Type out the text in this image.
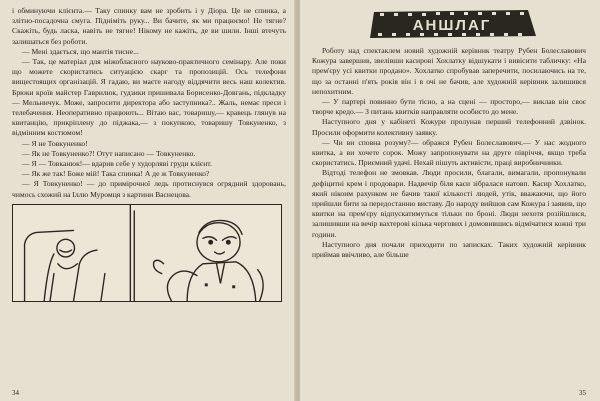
і обминуючи клієнта.— Таку спинку вам не зробить і у Діора. Це не спинка, а злітно-посадочна смуга. Підніміть руку... Ви бачите, як ми працюємо! Не тягне? Скажіть, будь ласка, навіть не тягне! Нікому не кажіть, де ви шили. Інші втечуть залишаться без роботи.

— Мені здається, що мантія тисне...

— Так, це матеріал для міжобласного науково-практичного семінару. Але поки що можете скористатись ситуацією скарг та пропозицій. Ось телефони вищестоящих організацій. Я гадаю, ви маєте нагоду віддячити весь наш колектив. Брюки кроїв майстер Гаврилюк, гудзики пришивала Борисенко-Довгань, підкладку — Мельничук. Може, запросити директора або заступника?.. Жаль, немає преси і телебачення. Неоперативно працюють... Вітаю вас, товаришу,— кравець глянув на квитанцію, прикріплену до піджака,— з покупкою, товаришу Товкуненко, з відмінним костюмом!

— Я не Товкуненко!

— Як не Товкуненко?! Отут написано — Товкуненко.

— Я — Товканюк!— вдарив себе у худорляві груди клієнт.

— Як же так! Боже мій! Така спинка! А де ж Товкуненко?

— Я Товкуненко! — до примірочної ледь протиснувся огрядний здоровань, чимось схожий на Іллю Муромця з картини Васнецова.

34
АНШЛАГ

Роботу над спектаклем новий художній керівник театру Рубен Болеславович Кожура завершив, звелівши касирові Хохлатку відшукати і вивісити табличку: «На прем'єру усі квитки продано». Хохлатко спробував заперечити, посилаючись на те, що за останні п'ять років він і в очі не бачив, але художній керівник залишився непохитним.

— У партері повинно бути тісно, а на сцені — просторо,— виклав він своє творче кредо.— З питань квитків направляти особисто до мене.

Наступного дня у кабінеті Кожури пролунав перший телефонний дзвінок. Просили оформити колективну заявку.

— Чи ви сповна розуму?— ображся Рубен Болеславович.— У нас жодного квитка, а ви хочете сорок. Можу запропонувати на друге півріччя, якщо треба скористатись. Приємний удачі. Нехай пішуть активісти, праці виробничники.

Відтоді телефон не змовкав. Люди просили, благали, вимагали, пропонували дефіцитні крем і продовари. Надвечір біля каси зібралася натовп. Касир Хохлатко, який нікоим рахунком не бачив такої кількості людей, утік, вважаючи, що його прийшли бити за передостанню виставу. До народу вийшов сам Кожура і заявив, що квитки на прем'єру відпускатимуться тільки по броні. Люди нехотя розійшлися, залишивши на вечір вахтерові кілька чергових і домовившись відмічатися кожні три години.

Наступного дня почали приходити по записках. Таких художній керівник приймав ввічливо, але більше

35
